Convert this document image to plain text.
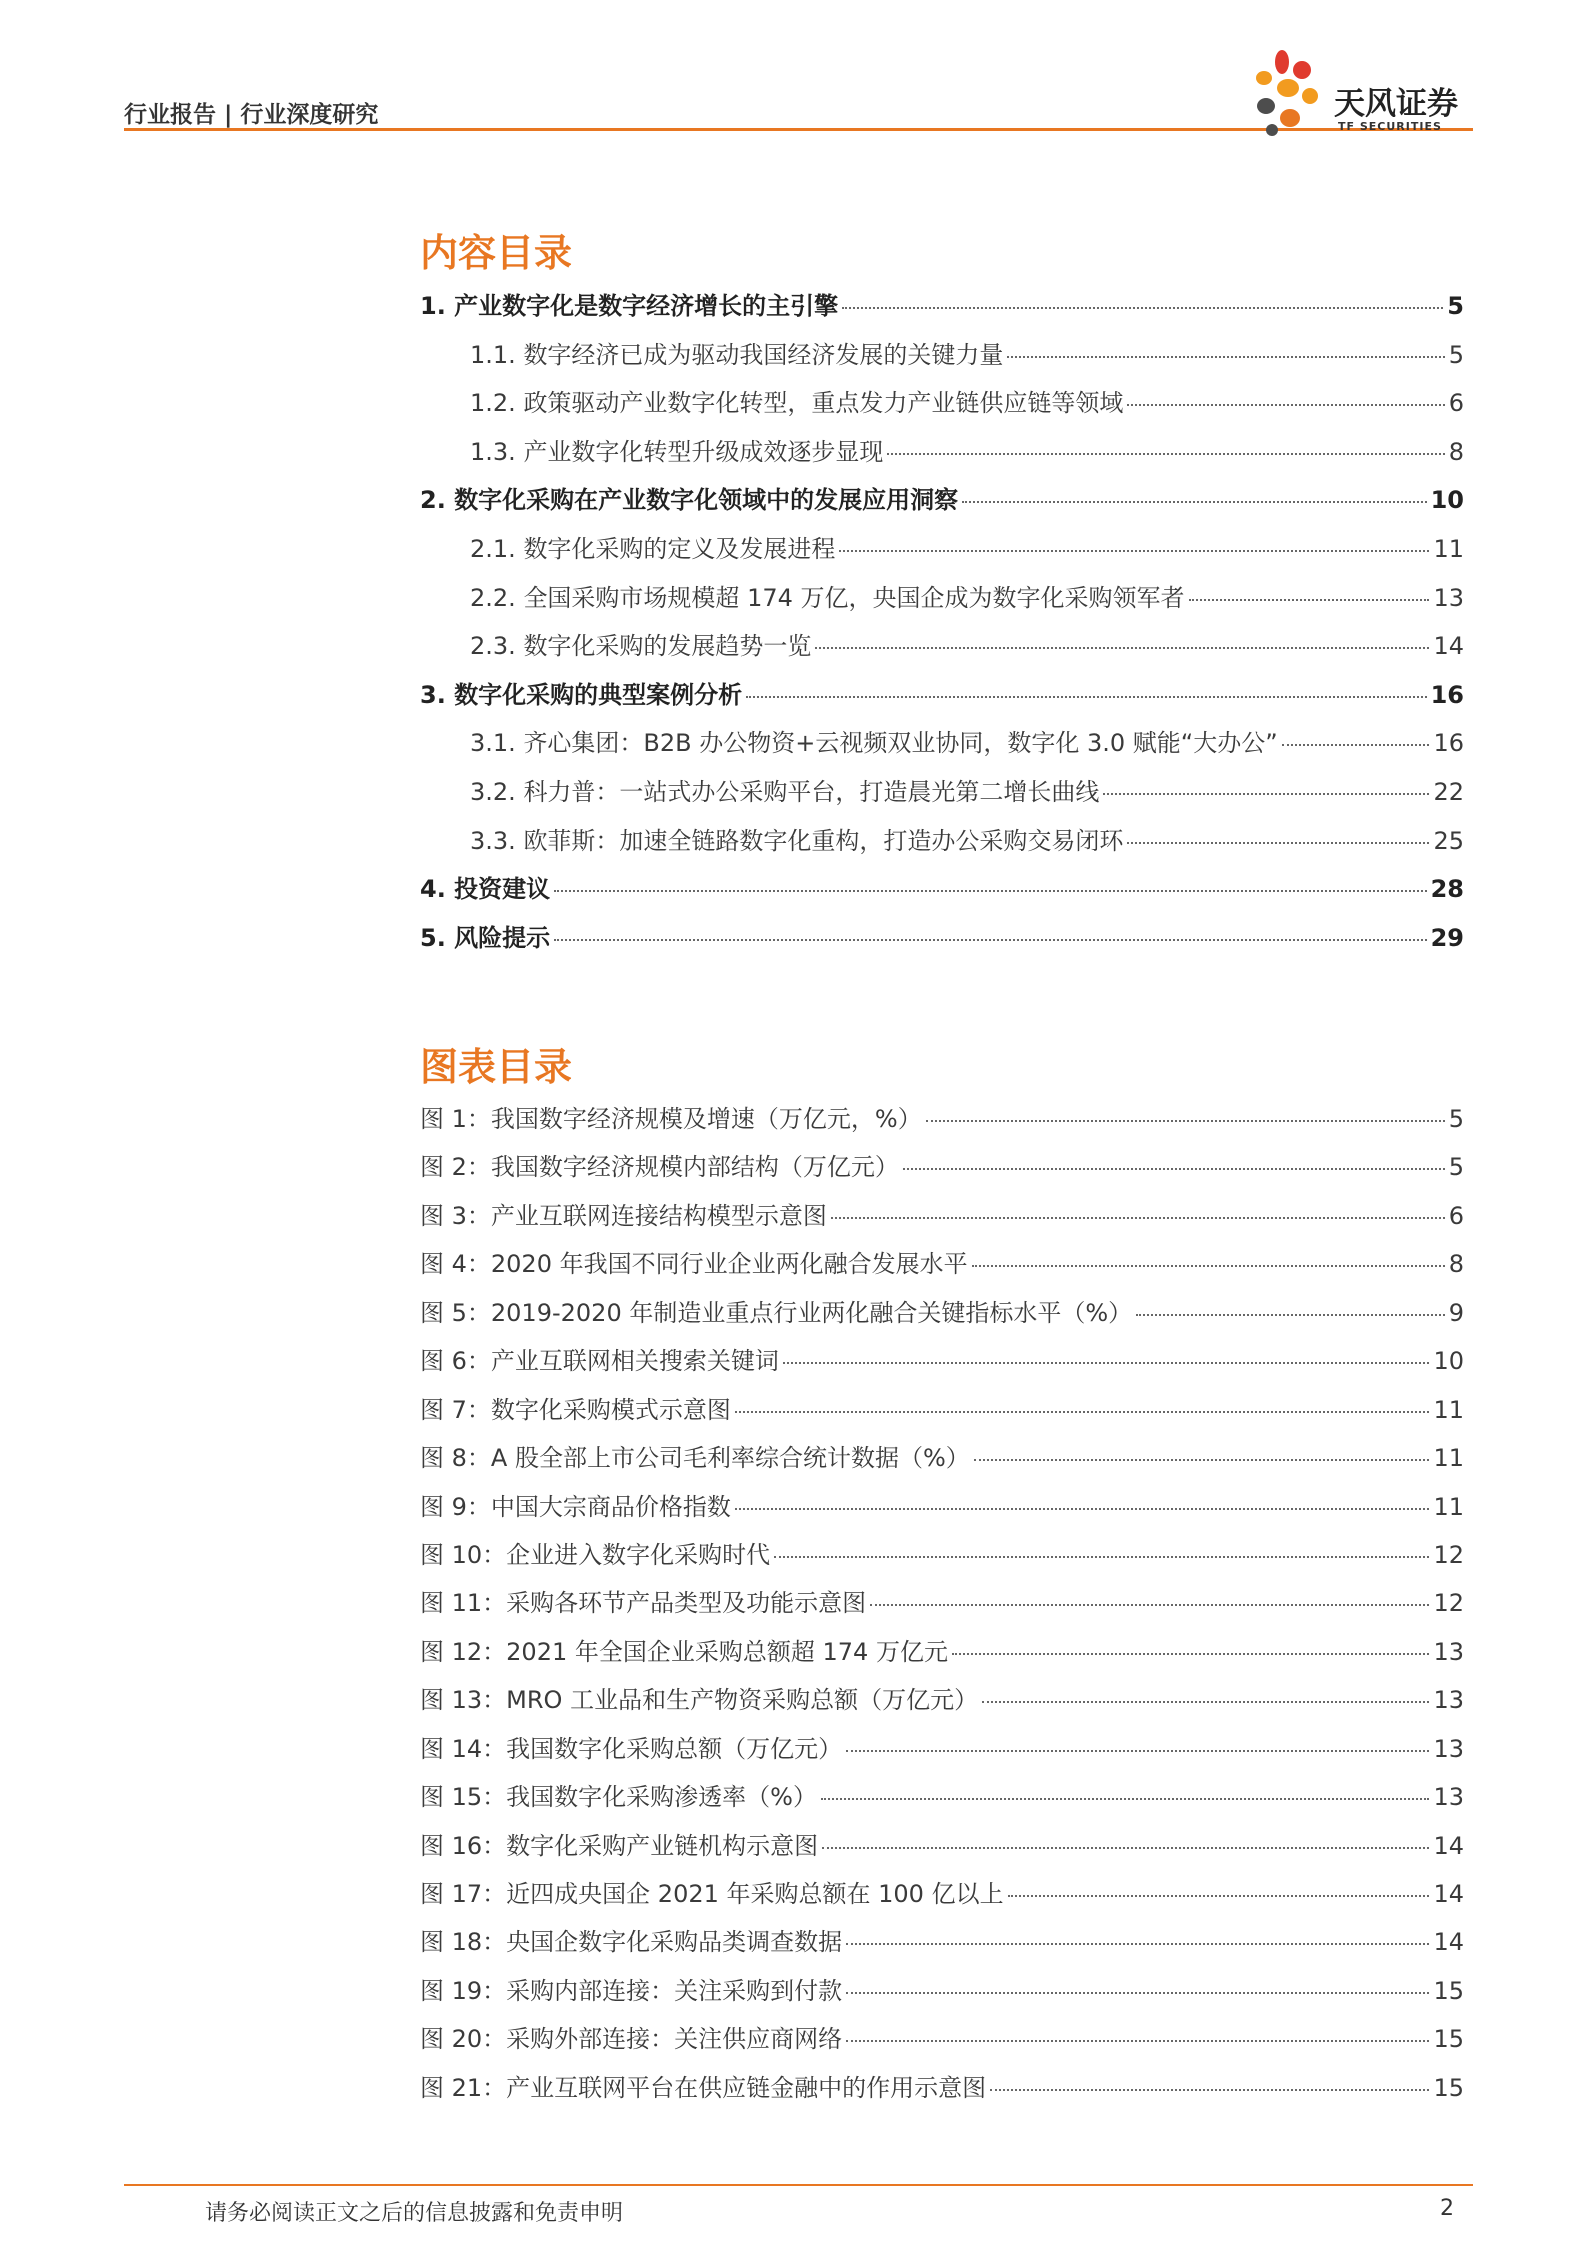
行业报告 | 行业深度研究	天风证券
TF SECURITIES
内容目录
1. 产业数字化是数字经济增长的主引擎	5
1.1. 数字经济已成为驱动我国经济发展的关键力量	5
1.2. 政策驱动产业数字化转型，重点发力产业链供应链等领域	6
1.3. 产业数字化转型升级成效逐步显现	8
2. 数字化采购在产业数字化领域中的发展应用洞察	10
2.1. 数字化采购的定义及发展进程	11
2.2. 全国采购市场规模超 174 万亿，央国企成为数字化采购领军者	13
2.3. 数字化采购的发展趋势一览	14
3. 数字化采购的典型案例分析	16
3.1. 齐心集团：B2B 办公物资+云视频双业协同，数字化 3.0 赋能“大办公”	16
3.2. 科力普：一站式办公采购平台，打造晨光第二增长曲线	22
3.3. 欧菲斯：加速全链路数字化重构，打造办公采购交易闭环	25
4. 投资建议	28
5. 风险提示	29
图表目录
图 1：我国数字经济规模及增速（万亿元，%）	5
图 2：我国数字经济规模内部结构（万亿元）	5
图 3：产业互联网连接结构模型示意图	6
图 4：2020 年我国不同行业企业两化融合发展水平	8
图 5：2019-2020 年制造业重点行业两化融合关键指标水平（%）	9
图 6：产业互联网相关搜索关键词	10
图 7：数字化采购模式示意图	11
图 8：A 股全部上市公司毛利率综合统计数据（%）	11
图 9：中国大宗商品价格指数	11
图 10：企业进入数字化采购时代	12
图 11：采购各环节产品类型及功能示意图	12
图 12：2021 年全国企业采购总额超 174 万亿元	13
图 13：MRO 工业品和生产物资采购总额（万亿元）	13
图 14：我国数字化采购总额（万亿元）	13
图 15：我国数字化采购渗透率（%）	13
图 16：数字化采购产业链机构示意图	14
图 17：近四成央国企 2021 年采购总额在 100 亿以上	14
图 18：央国企数字化采购品类调查数据	14
图 19：采购内部连接：关注采购到付款	15
图 20：采购外部连接：关注供应商网络	15
图 21：产业互联网平台在供应链金融中的作用示意图	15
请务必阅读正文之后的信息披露和免责申明	2
